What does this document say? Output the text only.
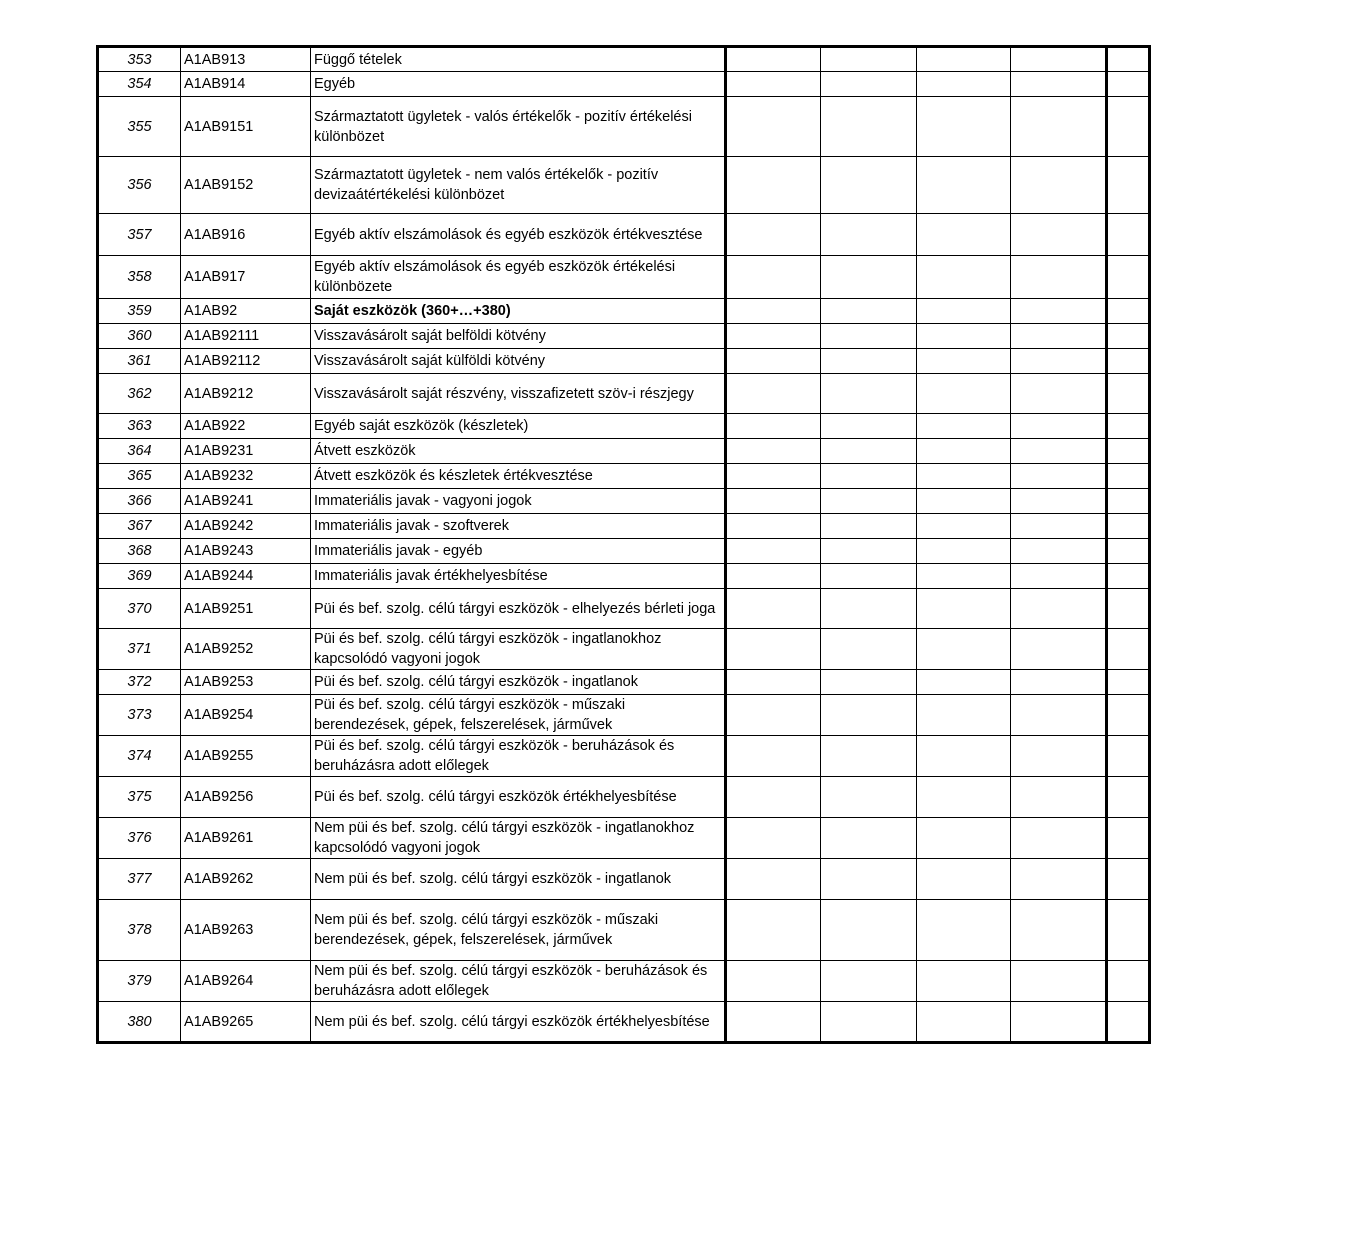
353	A1AB913	Függő tételek					
354	A1AB914	Egyéb					
355	A1AB9151	Származtatott ügyletek - valós értékelők - pozitív értékelési különbözet					
356	A1AB9152	Származtatott ügyletek - nem valós értékelők - pozitív devizaátértékelési különbözet					
357	A1AB916	Egyéb aktív elszámolások és egyéb eszközök értékvesztése					
358	A1AB917	Egyéb aktív elszámolások és egyéb eszközök értékelési különbözete					
359	A1AB92	Saját eszközök (360+…+380)					
360	A1AB92111	Visszavásárolt saját belföldi kötvény					
361	A1AB92112	Visszavásárolt saját külföldi kötvény					
362	A1AB9212	Visszavásárolt saját részvény, visszafizetett szöv-i részjegy					
363	A1AB922	Egyéb saját eszközök (készletek)					
364	A1AB9231	Átvett eszközök					
365	A1AB9232	Átvett eszközök és készletek értékvesztése					
366	A1AB9241	Immateriális javak - vagyoni jogok					
367	A1AB9242	Immateriális javak - szoftverek					
368	A1AB9243	Immateriális javak - egyéb					
369	A1AB9244	Immateriális javak értékhelyesbítése					
370	A1AB9251	Püi és bef. szolg. célú tárgyi eszközök - elhelyezés bérleti joga					
371	A1AB9252	Püi és bef. szolg. célú tárgyi eszközök - ingatlanokhoz kapcsolódó vagyoni jogok					
372	A1AB9253	Püi és bef. szolg. célú tárgyi eszközök - ingatlanok					
373	A1AB9254	Püi és bef. szolg. célú tárgyi eszközök - műszaki berendezések, gépek, felszerelések, járművek					
374	A1AB9255	Püi és bef. szolg. célú tárgyi eszközök - beruházások és beruházásra adott előlegek					
375	A1AB9256	Püi és bef. szolg. célú tárgyi eszközök értékhelyesbítése					
376	A1AB9261	Nem püi és bef. szolg. célú tárgyi eszközök - ingatlanokhoz kapcsolódó vagyoni jogok					
377	A1AB9262	Nem püi és bef. szolg. célú tárgyi eszközök - ingatlanok					
378	A1AB9263	Nem püi és bef. szolg. célú tárgyi eszközök - műszaki berendezések, gépek, felszerelések, járművek					
379	A1AB9264	Nem püi és bef. szolg. célú tárgyi eszközök - beruházások és beruházásra adott előlegek					
380	A1AB9265	Nem püi és bef. szolg. célú tárgyi eszközök értékhelyesbítése					
